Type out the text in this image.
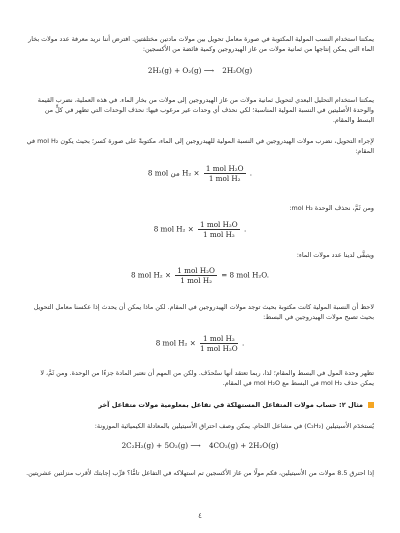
يمكننا استخدام النسب المولية المكتوبة في صورة معامل تحويل بين مولات مادتين مختلفتين. افترض أننا نريد معرفة عدد مولات بخار الماء التي يمكن إنتاجها من ثمانية مولات من غاز الهيدروجين وكمية فائضة من الأكسجين:
2H₂(g) + O₂(g) ⟶ 2H₂O(g)
يمكننا استخدام التحليل البعدي لتحويل ثمانية مولات من غاز الهيدروجين إلى مولات من بخار الماء. في هذه العملية، نضرب القيمة والوحدة الأصليتين في النسبة المولية المناسبة؛ لكي نحذف أي وحدات غير مرغوب فيها: نحذف الوحدات التي تظهر في كلٍّ من البسط والمقام.
لإجراء التحويل، نضرب مولات الهيدروجين في النسبة المولية للهيدروجين إلى الماء، مكتوبةً على صورة كسر؛ بحيث يكون mol H₂ في المقام:
8 mol من $H_2 \times \frac{\text{1 mol H₂O}}{\text{1 mol H₂}}$ .
ومن ثَمَّ، نحذف الوحدة mol H₂:
8 mol $H_2 \times \frac{\text{1 mol H₂O}}{\text{1 mol H₂}}$ .
ويتبقَّى لدينا عدد مولات الماء:
8 mol $H_2 \times \frac{\text{1 mol H₂O}}{\text{1 mol H₂}} = 8$ mol H₂O.
لاحظ أن النسبة المولية كانت مكتوبة بحيث توجد مولات الهيدروجين في المقام. لكن ماذا يمكن أن يحدث إذا عكسنا معامل التحويل بحيث تصبح مولات الهيدروجين في البسط:
8 mol $H_2 \times \frac{\text{1 mol H₂}}{\text{1 mol H₂O}}$ .
تظهر وحدة المول في البسط والمقام؛ لذا، ربما تعتقد أنها ستُحذَف. ولكن من المهم أن نعتبر المادة جزءًا من الوحدة. ومن ثَمَّ، لا يمكن حذف mol H₂ في البسط مع mol H₂O في المقام.
مثال ٢: حساب مولات المتفاعل المستهلكة في تفاعل بمعلومية مولات متفاعل آخر
يُستخدَم الأسيتيلين (C₂H₂) في مشاعل اللحام. يمكن وصف احتراق الأسيتيلين بالمعادلة الكيميائية الموزونة:
2C₂H₂(g) + 5O₂(g) ⟶ 4CO₂(g) + 2H₂O(g)
إذا احترق 8.5 مولات من الأسيتيلين، فكم مولًا من غاز الأكسجين تم استهلاكه في التفاعل تامًّا؟ قرِّب إجابتك لأقرب منزلتين عشريتين.
٤
